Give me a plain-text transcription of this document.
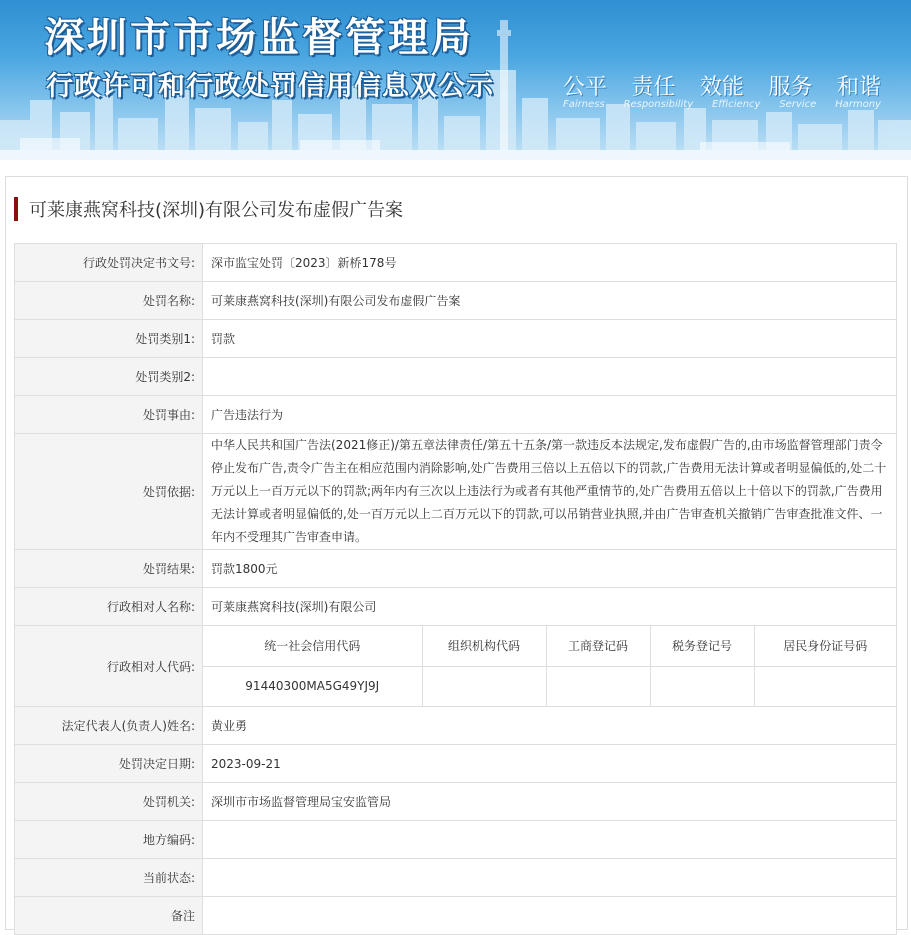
深圳市市场监督管理局
行政许可和行政处罚信用信息双公示	公平 责任 效能 服务 和谐
Fairness Responsibility Efficiency Service Harmony
可莱康燕窝科技(深圳)有限公司发布虚假广告案
行政处罚决定书文号:	深市监宝处罚〔2023〕新桥178号
处罚名称:	可莱康燕窝科技(深圳)有限公司发布虚假广告案
处罚类别1:	罚款
处罚类别2:	
处罚事由:	广告违法行为
处罚依据:	中华人民共和国广告法(2021修正)/第五章法律责任/第五十五条/第一款违反本法规定,发布虚假广告的,由市场监督管理部门责令停止发布广告,责令广告主在相应范围内消除影响,处广告费用三倍以上五倍以下的罚款,广告费用无法计算或者明显偏低的,处二十万元以上一百万元以下的罚款;两年内有三次以上违法行为或者有其他严重情节的,处广告费用五倍以上十倍以下的罚款,广告费用无法计算或者明显偏低的,处一百万元以上二百万元以下的罚款,可以吊销营业执照,并由广告审查机关撤销广告审查批准文件、一年内不受理其广告审查申请。
处罚结果:	罚款1800元
行政相对人名称:	可莱康燕窝科技(深圳)有限公司
行政相对人代码:	
统一社会信用代码	组织机构代码	工商登记码	税务登记号	居民身份证号码
91440300MA5G49YJ9J				

法定代表人(负责人)姓名:	黄业勇
处罚决定日期:	2023-09-21
处罚机关:	深圳市市场监督管理局宝安监管局
地方编码:	
当前状态:	
备注	
